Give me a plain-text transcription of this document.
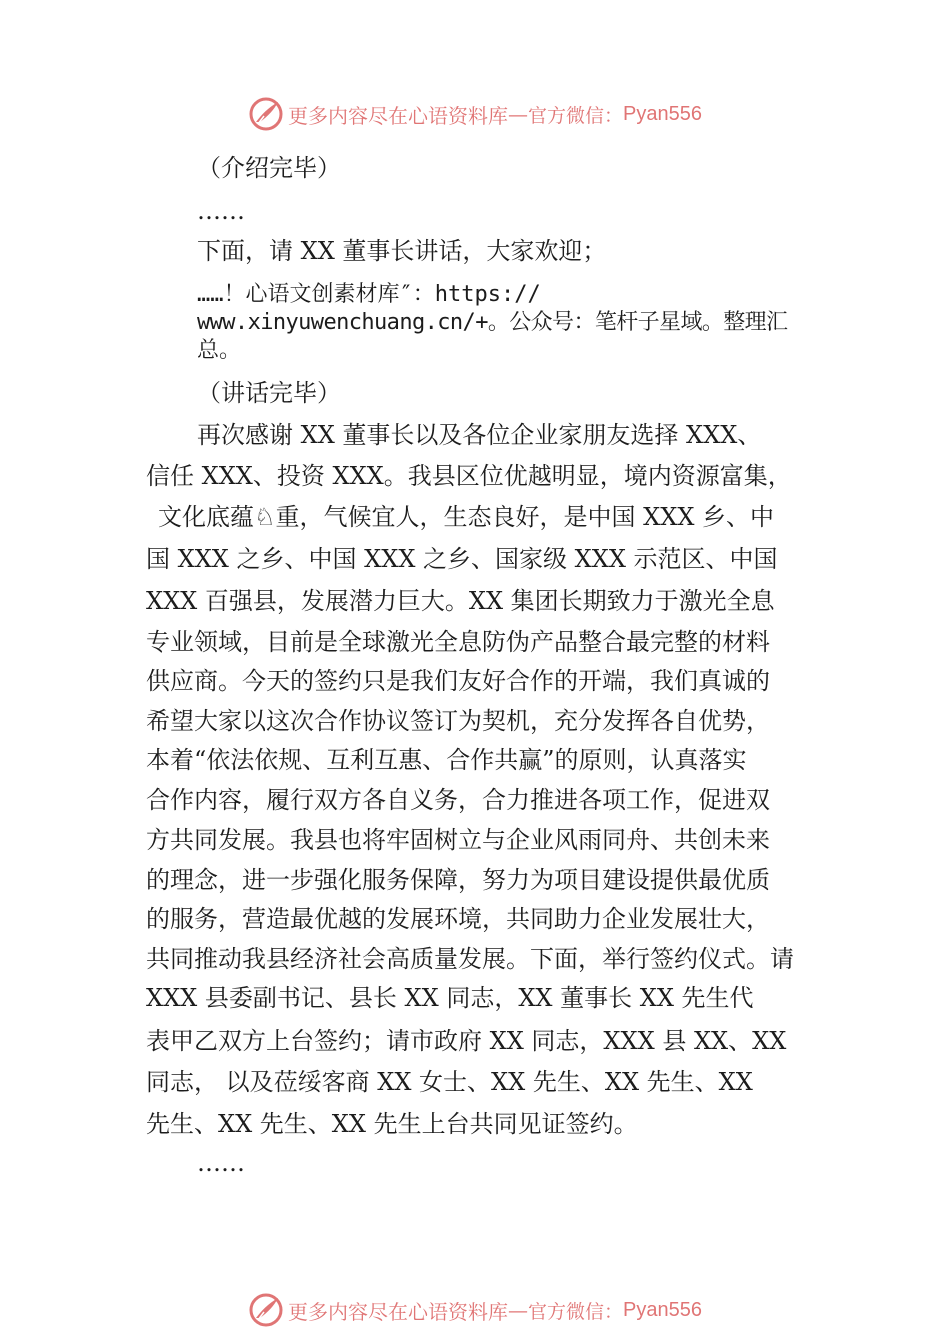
更多内容尽在心语资料库 — 官方微信： Pyan556
（介绍完毕）
……
下面，请 XX 董事长讲话，大家欢迎；
……！心语文创素材库″：https://
www.xinyuwenchuang.cn/+。公众号：笔杆子星域。整理汇
总。
（讲话完毕）
再次感谢 XX 董事长以及各位企业家朋友选择 XXX、
信任 XXX、投资 XXX。我县区位优越明显，境内资源富集，
文化底蕴♘重，气候宜人，生态良好，是中国 XXX 乡、中
国 XXX 之乡、中国 XXX 之乡、国家级 XXX 示范区、中国
XXX 百强县，发展潜力巨大。XX 集团长期致力于激光全息
专业领域，目前是全球激光全息防伪产品整合最完整的材料
供应商。今天的签约只是我们友好合作的开端，我们真诚的
希望大家以这次合作协议签订为契机，充分发挥各自优势，
本着“依法依规、互利互惠、合作共赢”的原则，认真落实
合作内容，履行双方各自义务，合力推进各项工作，促进双
方共同发展。我县也将牢固树立与企业风雨同舟、共创未来
的理念，进一步强化服务保障，努力为项目建设提供最优质
的服务，营造最优越的发展环境，共同助力企业发展壮大，
共同推动我县经济社会高质量发展。下面，举行签约仪式。请
XXX 县委副书记、县长 XX 同志，XX 董事长 XX 先生代
表甲乙双方上台签约；请市政府 XX 同志，XXX 县 XX、XX
同志， 以及莅绥客商 XX 女士、XX 先生、XX 先生、XX
先生、XX 先生、XX 先生上台共同见证签约。
……
更多内容尽在心语资料库 — 官方微信： Pyan556
